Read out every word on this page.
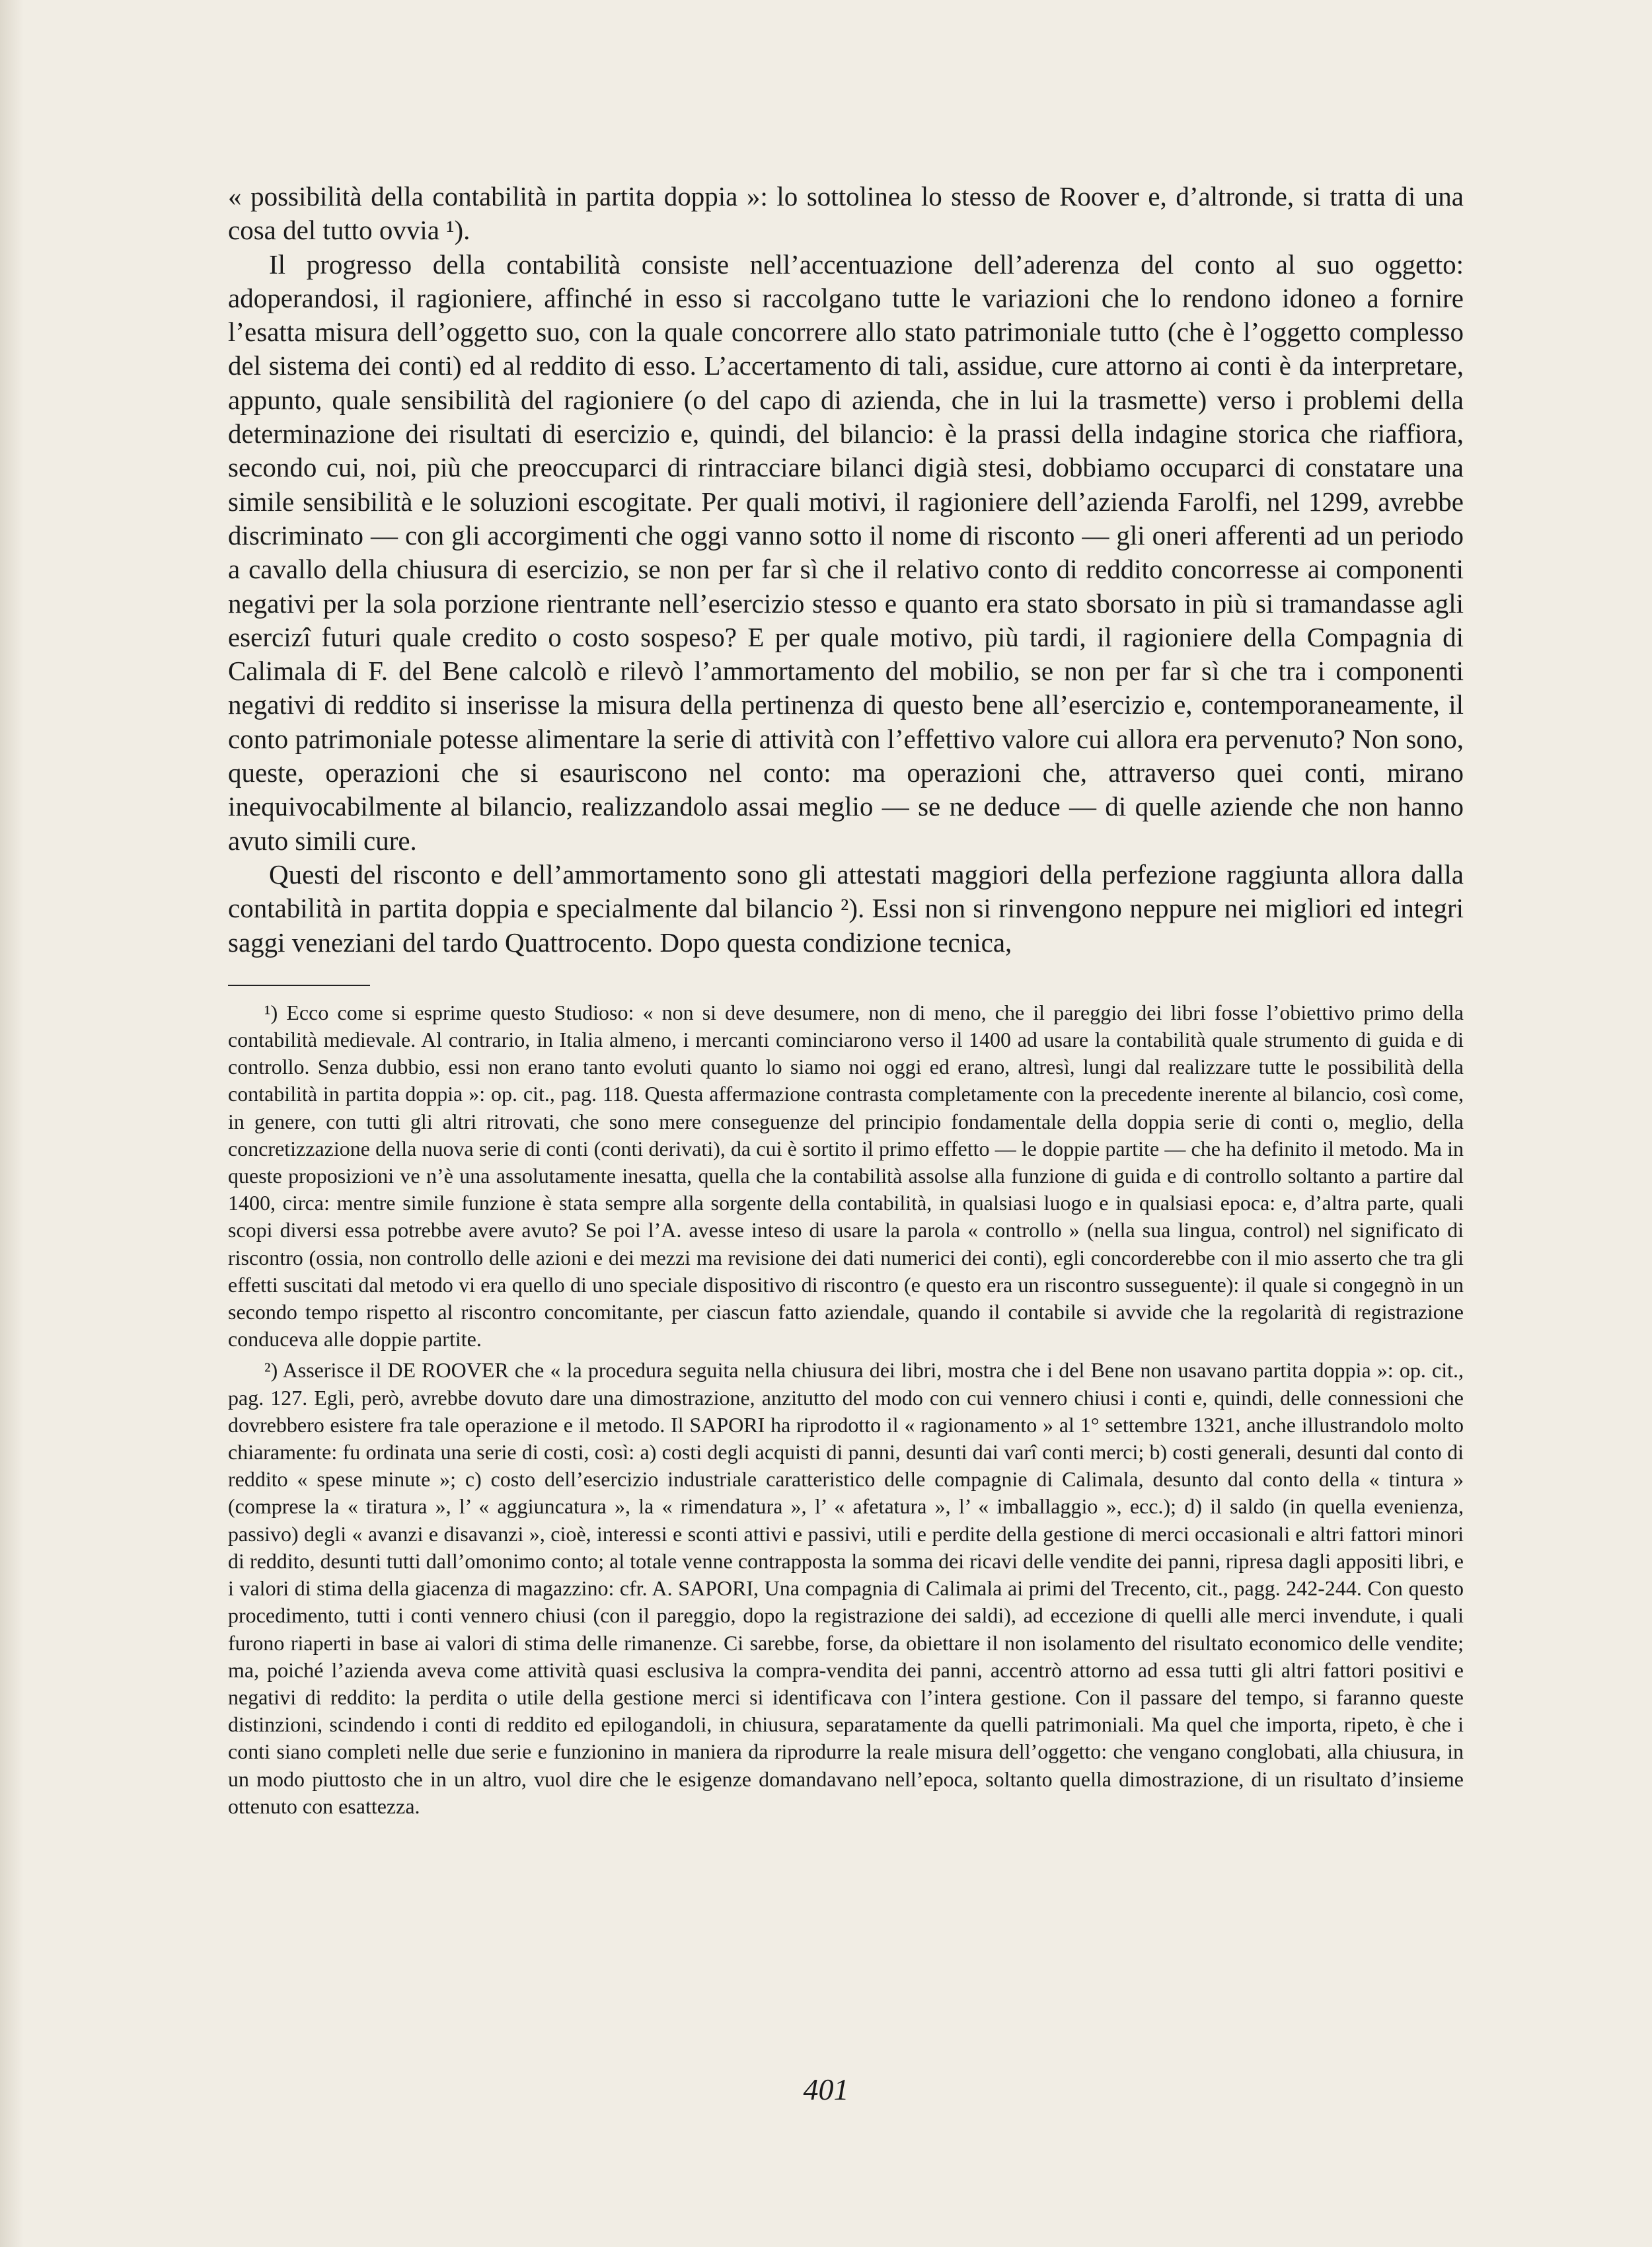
« possibilità della contabilità in partita doppia »: lo sottolinea lo stesso de Roover e, d’altronde, si tratta di una cosa del tutto ovvia ¹).

Il progresso della contabilità consiste nell’accentuazione dell’aderenza del conto al suo oggetto: adoperandosi, il ragioniere, affinché in esso si raccolgano tutte le variazioni che lo rendono idoneo a fornire l’esatta misura dell’oggetto suo, con la quale concorrere allo stato patrimoniale tutto (che è l’oggetto complesso del sistema dei conti) ed al reddito di esso. L’accertamento di tali, assidue, cure attorno ai conti è da interpretare, appunto, quale sensibilità del ragioniere (o del capo di azienda, che in lui la trasmette) verso i problemi della determinazione dei risultati di esercizio e, quindi, del bilancio: è la prassi della indagine storica che riaffiora, secondo cui, noi, più che preoccuparci di rintracciare bilanci digià stesi, dobbiamo occuparci di constatare una simile sensibilità e le soluzioni escogitate. Per quali motivi, il ragioniere dell’azienda Farolfi, nel 1299, avrebbe discriminato — con gli accorgimenti che oggi vanno sotto il nome di risconto — gli oneri afferenti ad un periodo a cavallo della chiusura di esercizio, se non per far sì che il relativo conto di reddito concorresse ai componenti negativi per la sola porzione rientrante nell’esercizio stesso e quanto era stato sborsato in più si tramandasse agli esercizî futuri quale credito o costo sospeso? E per quale motivo, più tardi, il ragioniere della Compagnia di Calimala di F. del Bene calcolò e rilevò l’ammortamento del mobilio, se non per far sì che tra i componenti negativi di reddito si inserisse la misura della pertinenza di questo bene all’esercizio e, contemporaneamente, il conto patrimoniale potesse alimentare la serie di attività con l’effettivo valore cui allora era pervenuto? Non sono, queste, operazioni che si esauriscono nel conto: ma operazioni che, attraverso quei conti, mirano inequivocabilmente al bilancio, realizzandolo assai meglio — se ne deduce — di quelle aziende che non hanno avuto simili cure.

Questi del risconto e dell’ammortamento sono gli attestati maggiori della perfezione raggiunta allora dalla contabilità in partita doppia e specialmente dal bilancio ²). Essi non si rinvengono neppure nei migliori ed integri saggi veneziani del tardo Quattrocento. Dopo questa condizione tecnica,

¹) Ecco come si esprime questo Studioso: « non si deve desumere, non di meno, che il pareggio dei libri fosse l’obiettivo primo della contabilità medievale. Al contrario, in Italia almeno, i mercanti cominciarono verso il 1400 ad usare la contabilità quale strumento di guida e di controllo. Senza dubbio, essi non erano tanto evoluti quanto lo siamo noi oggi ed erano, altresì, lungi dal realizzare tutte le possibilità della contabilità in partita doppia »: op. cit., pag. 118. Questa affermazione contrasta completamente con la precedente inerente al bilancio, così come, in genere, con tutti gli altri ritrovati, che sono mere conseguenze del principio fondamentale della doppia serie di conti o, meglio, della concretizzazione della nuova serie di conti (conti derivati), da cui è sortito il primo effetto — le doppie partite — che ha definito il metodo. Ma in queste proposizioni ve n’è una assolutamente inesatta, quella che la contabilità assolse alla funzione di guida e di controllo soltanto a partire dal 1400, circa: mentre simile funzione è stata sempre alla sorgente della contabilità, in qualsiasi luogo e in qualsiasi epoca: e, d’altra parte, quali scopi diversi essa potrebbe avere avuto? Se poi l’A. avesse inteso di usare la parola « controllo » (nella sua lingua, control) nel significato di riscontro (ossia, non controllo delle azioni e dei mezzi ma revisione dei dati numerici dei conti), egli concorderebbe con il mio asserto che tra gli effetti suscitati dal metodo vi era quello di uno speciale dispositivo di riscontro (e questo era un riscontro susseguente): il quale si congegnò in un secondo tempo rispetto al riscontro concomitante, per ciascun fatto aziendale, quando il contabile si avvide che la regolarità di registrazione conduceva alle doppie partite.

²) Asserisce il DE ROOVER che « la procedura seguita nella chiusura dei libri, mostra che i del Bene non usavano partita doppia »: op. cit., pag. 127. Egli, però, avrebbe dovuto dare una dimostrazione, anzitutto del modo con cui vennero chiusi i conti e, quindi, delle connessioni che dovrebbero esistere fra tale operazione e il metodo. Il SAPORI ha riprodotto il « ragionamento » al 1° settembre 1321, anche illustrandolo molto chiaramente: fu ordinata una serie di costi, così: a) costi degli acquisti di panni, desunti dai varî conti merci; b) costi generali, desunti dal conto di reddito « spese minute »; c) costo dell’esercizio industriale caratteristico delle compagnie di Calimala, desunto dal conto della « tintura » (comprese la « tiratura », l’ « aggiuncatura », la « rimendatura », l’ « afetatura », l’ « imballaggio », ecc.); d) il saldo (in quella evenienza, passivo) degli « avanzi e disavanzi », cioè, interessi e sconti attivi e passivi, utili e perdite della gestione di merci occasionali e altri fattori minori di reddito, desunti tutti dall’omonimo conto; al totale venne contrapposta la somma dei ricavi delle vendite dei panni, ripresa dagli appositi libri, e i valori di stima della giacenza di magazzino: cfr. A. SAPORI, Una compagnia di Calimala ai primi del Trecento, cit., pagg. 242-244. Con questo procedimento, tutti i conti vennero chiusi (con il pareggio, dopo la registrazione dei saldi), ad eccezione di quelli alle merci invendute, i quali furono riaperti in base ai valori di stima delle rimanenze. Ci sarebbe, forse, da obiettare il non isolamento del risultato economico delle vendite; ma, poiché l’azienda aveva come attività quasi esclusiva la compra-vendita dei panni, accentrò attorno ad essa tutti gli altri fattori positivi e negativi di reddito: la perdita o utile della gestione merci si identificava con l’intera gestione. Con il passare del tempo, si faranno queste distinzioni, scindendo i conti di reddito ed epilogandoli, in chiusura, separatamente da quelli patrimoniali. Ma quel che importa, ripeto, è che i conti siano completi nelle due serie e funzionino in maniera da riprodurre la reale misura dell’oggetto: che vengano conglobati, alla chiusura, in un modo piuttosto che in un altro, vuol dire che le esigenze domandavano nell’epoca, soltanto quella dimostrazione, di un risultato d’insieme ottenuto con esattezza.

401
